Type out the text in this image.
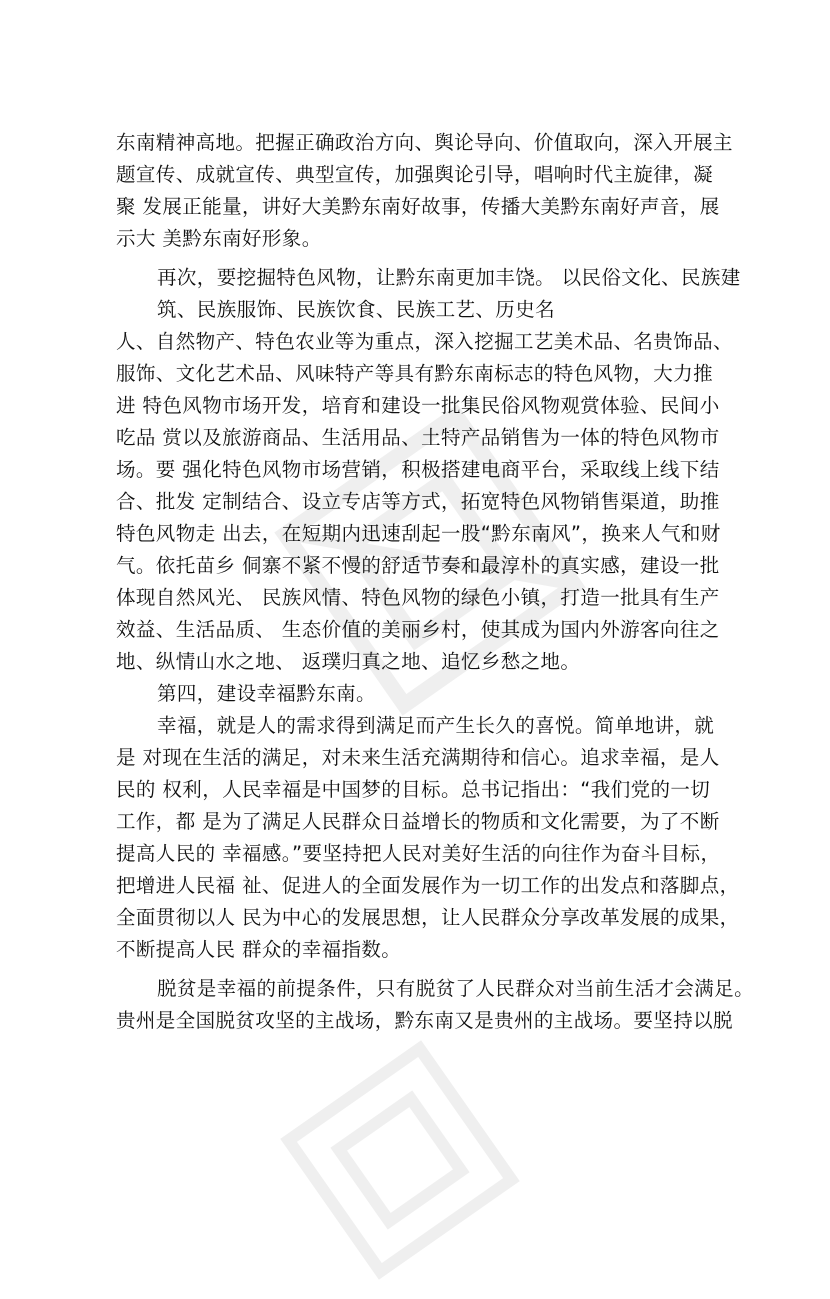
东南精神高地。把握正确政治方向、舆论导向、价值取向，深入开展主
题宣传、成就宣传、典型宣传，加强舆论引导，唱响时代主旋律，凝
聚 发展正能量，讲好大美黔东南好故事，传播大美黔东南好声音，展
示大 美黔东南好形象。
再次，要挖掘特色风物，让黔东南更加丰饶。 以民俗文化、民族建
筑、民族服饰、民族饮食、民族工艺、历史名
人、自然物产、特色农业等为重点，深入挖掘工艺美术品、名贵饰品、
服饰、文化艺术品、风味特产等具有黔东南标志的特色风物，大力推
进 特色风物市场开发，培育和建设一批集民俗风物观赏体验、民间小
吃品 赏以及旅游商品、生活用品、土特产品销售为一体的特色风物市
场。要 强化特色风物市场营销，积极搭建电商平台，采取线上线下结
合、批发 定制结合、设立专店等方式，拓宽特色风物销售渠道，助推
特色风物走 出去，在短期内迅速刮起一股“黔东南风”，换来人气和财
气。依托苗乡 侗寨不紧不慢的舒适节奏和最淳朴的真实感，建设一批
体现自然风光、 民族风情、特色风物的绿色小镇，打造一批具有生产
效益、生活品质、 生态价值的美丽乡村，使其成为国内外游客向往之
地、纵情山水之地、 返璞归真之地、追忆乡愁之地。
第四，建设幸福黔东南。
幸福，就是人的需求得到满足而产生长久的喜悦。简单地讲，就
是 对现在生活的满足，对未来生活充满期待和信心。追求幸福，是人
民的 权利，人民幸福是中国梦的目标。总书记指出：“我们党的一切
工作，都 是为了满足人民群众日益增长的物质和文化需要，为了不断
提高人民的 幸福感。”要坚持把人民对美好生活的向往作为奋斗目标，
把增进人民福 祉、促进人的全面发展作为一切工作的出发点和落脚点，
全面贯彻以人 民为中心的发展思想，让人民群众分享改革发展的成果，
不断提高人民 群众的幸福指数。
脱贫是幸福的前提条件，只有脱贫了人民群众对当前生活才会满足。
贵州是全国脱贫攻坚的主战场，黔东南又是贵州的主战场。要坚持以脱
